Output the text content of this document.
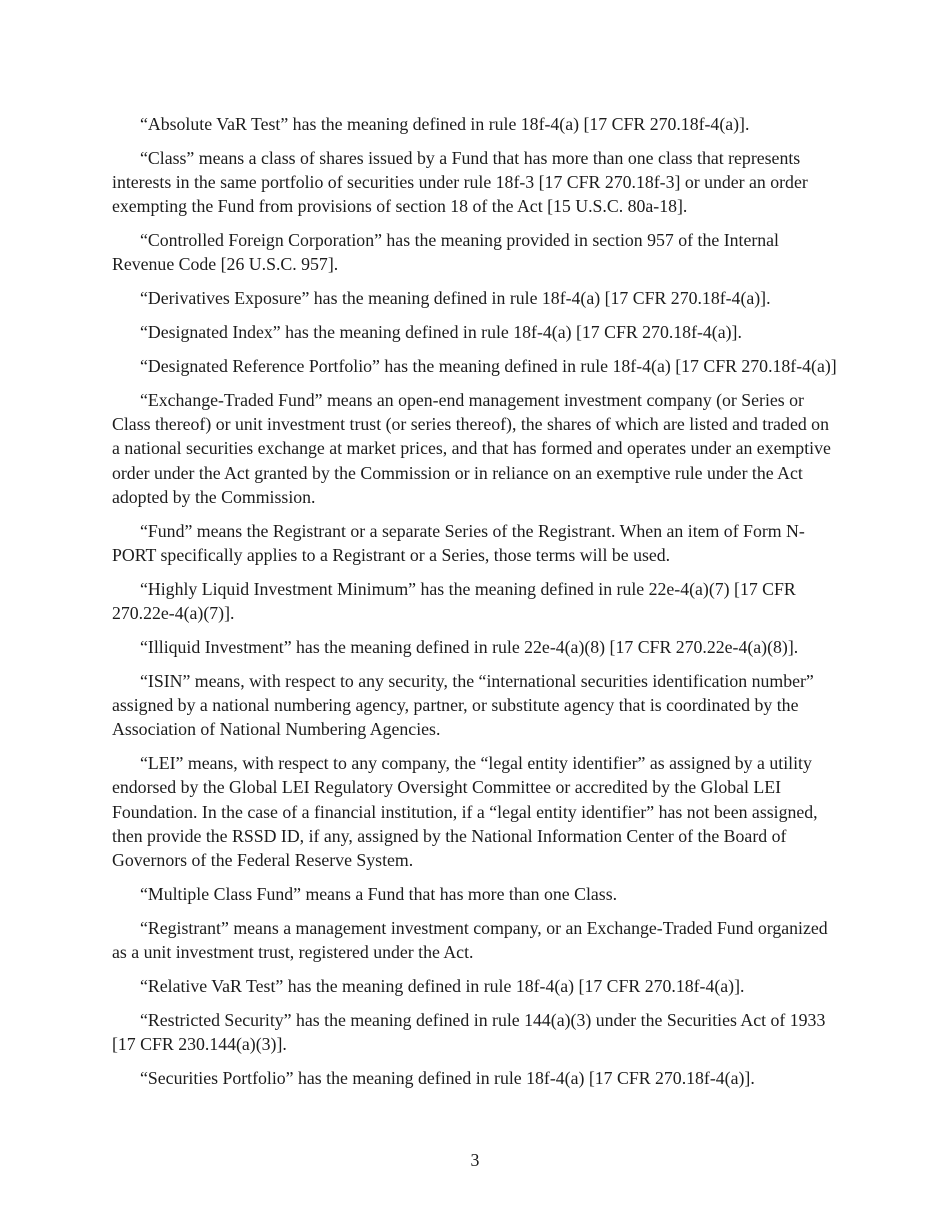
“Absolute VaR Test” has the meaning defined in rule 18f-4(a) [17 CFR 270.18f-4(a)].

“Class” means a class of shares issued by a Fund that has more than one class that represents interests in the same portfolio of securities under rule 18f-3 [17 CFR 270.18f-3] or under an order exempting the Fund from provisions of section 18 of the Act [15 U.S.C. 80a-18].

“Controlled Foreign Corporation” has the meaning provided in section 957 of the Internal Revenue Code [26 U.S.C. 957].

“Derivatives Exposure” has the meaning defined in rule 18f-4(a) [17 CFR 270.18f-4(a)].

“Designated Index” has the meaning defined in rule 18f-4(a) [17 CFR 270.18f-4(a)].

“Designated Reference Portfolio” has the meaning defined in rule 18f-4(a) [17 CFR 270.18f-4(a)]

“Exchange-Traded Fund” means an open-end management investment company (or Series or Class thereof) or unit investment trust (or series thereof), the shares of which are listed and traded on a national securities exchange at market prices, and that has formed and operates under an exemptive order under the Act granted by the Commission or in reliance on an exemptive rule under the Act adopted by the Commission.

“Fund” means the Registrant or a separate Series of the Registrant. When an item of Form N-PORT specifically applies to a Registrant or a Series, those terms will be used.

“Highly Liquid Investment Minimum” has the meaning defined in rule 22e-4(a)(7) [17 CFR 270.22e-4(a)(7)].

“Illiquid Investment” has the meaning defined in rule 22e-4(a)(8) [17 CFR 270.22e-4(a)(8)].

“ISIN” means, with respect to any security, the “international securities identification number” assigned by a national numbering agency, partner, or substitute agency that is coordinated by the Association of National Numbering Agencies.

“LEI” means, with respect to any company, the “legal entity identifier” as assigned by a utility endorsed by the Global LEI Regulatory Oversight Committee or accredited by the Global LEI Foundation. In the case of a financial institution, if a “legal entity identifier” has not been assigned, then provide the RSSD ID, if any, assigned by the National Information Center of the Board of Governors of the Federal Reserve System.

“Multiple Class Fund” means a Fund that has more than one Class.

“Registrant” means a management investment company, or an Exchange-Traded Fund organized as a unit investment trust, registered under the Act.

“Relative VaR Test” has the meaning defined in rule 18f-4(a) [17 CFR 270.18f-4(a)].

“Restricted Security” has the meaning defined in rule 144(a)(3) under the Securities Act of 1933 [17 CFR 230.144(a)(3)].

“Securities Portfolio” has the meaning defined in rule 18f-4(a) [17 CFR 270.18f-4(a)].

3
